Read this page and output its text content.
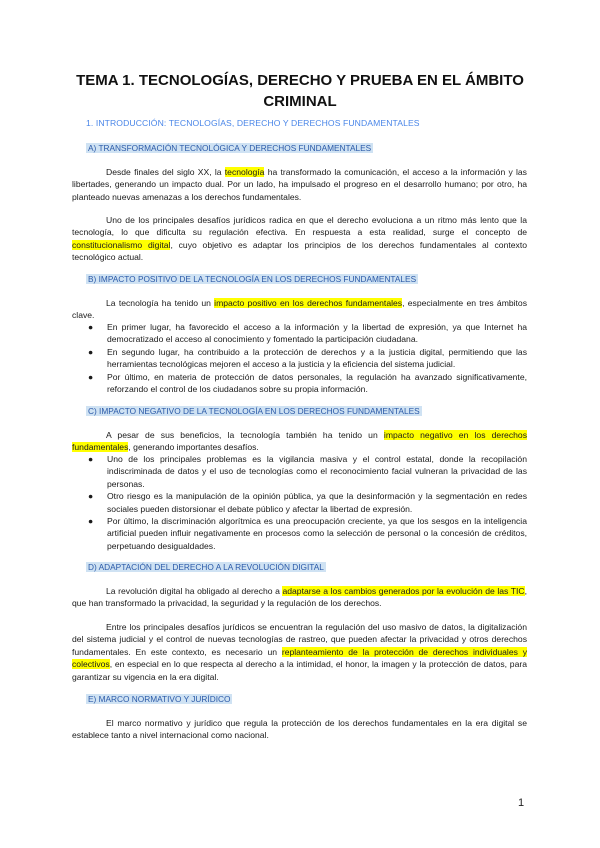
TEMA 1. TECNOLOGÍAS, DERECHO Y PRUEBA EN EL ÁMBITO CRIMINAL
1. INTRODUCCIÓN: TECNOLOGÍAS, DERECHO Y DERECHOS FUNDAMENTALES
A) TRANSFORMACIÓN TECNOLÓGICA Y DERECHOS FUNDAMENTALES
Desde finales del siglo XX, la tecnología ha transformado la comunicación, el acceso a la información y las libertades, generando un impacto dual. Por un lado, ha impulsado el progreso en el desarrollo humano; por otro, ha planteado nuevas amenazas a los derechos fundamentales.
Uno de los principales desafíos jurídicos radica en que el derecho evoluciona a un ritmo más lento que la tecnología, lo que dificulta su regulación efectiva. En respuesta a esta realidad, surge el concepto de constitucionalismo digital, cuyo objetivo es adaptar los principios de los derechos fundamentales al contexto tecnológico actual.
B) IMPACTO POSITIVO DE LA TECNOLOGÍA EN LOS DERECHOS FUNDAMENTALES
La tecnología ha tenido un impacto positivo en los derechos fundamentales, especialmente en tres ámbitos clave.
● En primer lugar, ha favorecido el acceso a la información y la libertad de expresión, ya que Internet ha democratizado el acceso al conocimiento y fomentado la participación ciudadana.
● En segundo lugar, ha contribuido a la protección de derechos y a la justicia digital, permitiendo que las herramientas tecnológicas mejoren el acceso a la justicia y la eficiencia del sistema judicial.
● Por último, en materia de protección de datos personales, la regulación ha avanzado significativamente, reforzando el control de los ciudadanos sobre su propia información.
C) IMPACTO NEGATIVO DE LA TECNOLOGÍA EN LOS DERECHOS FUNDAMENTALES
A pesar de sus beneficios, la tecnología también ha tenido un impacto negativo en los derechos fundamentales, generando importantes desafíos.
● Uno de los principales problemas es la vigilancia masiva y el control estatal, donde la recopilación indiscriminada de datos y el uso de tecnologías como el reconocimiento facial vulneran la privacidad de las personas.
● Otro riesgo es la manipulación de la opinión pública, ya que la desinformación y la segmentación en redes sociales pueden distorsionar el debate público y afectar la libertad de expresión.
● Por último, la discriminación algorítmica es una preocupación creciente, ya que los sesgos en la inteligencia artificial pueden influir negativamente en procesos como la selección de personal o la concesión de créditos, perpetuando desigualdades.
D) ADAPTACIÓN DEL DERECHO A LA REVOLUCIÓN DIGITAL
La revolución digital ha obligado al derecho a adaptarse a los cambios generados por la evolución de las TIC, que han transformado la privacidad, la seguridad y la regulación de los derechos.
Entre los principales desafíos jurídicos se encuentran la regulación del uso masivo de datos, la digitalización del sistema judicial y el control de nuevas tecnologías de rastreo, que pueden afectar la privacidad y otros derechos fundamentales. En este contexto, es necesario un replanteamiento de la protección de derechos individuales y colectivos, en especial en lo que respecta al derecho a la intimidad, el honor, la imagen y la protección de datos, para garantizar su vigencia en la era digital.
E) MARCO NORMATIVO Y JURÍDICO
El marco normativo y jurídico que regula la protección de los derechos fundamentales en la era digital se establece tanto a nivel internacional como nacional.
1
